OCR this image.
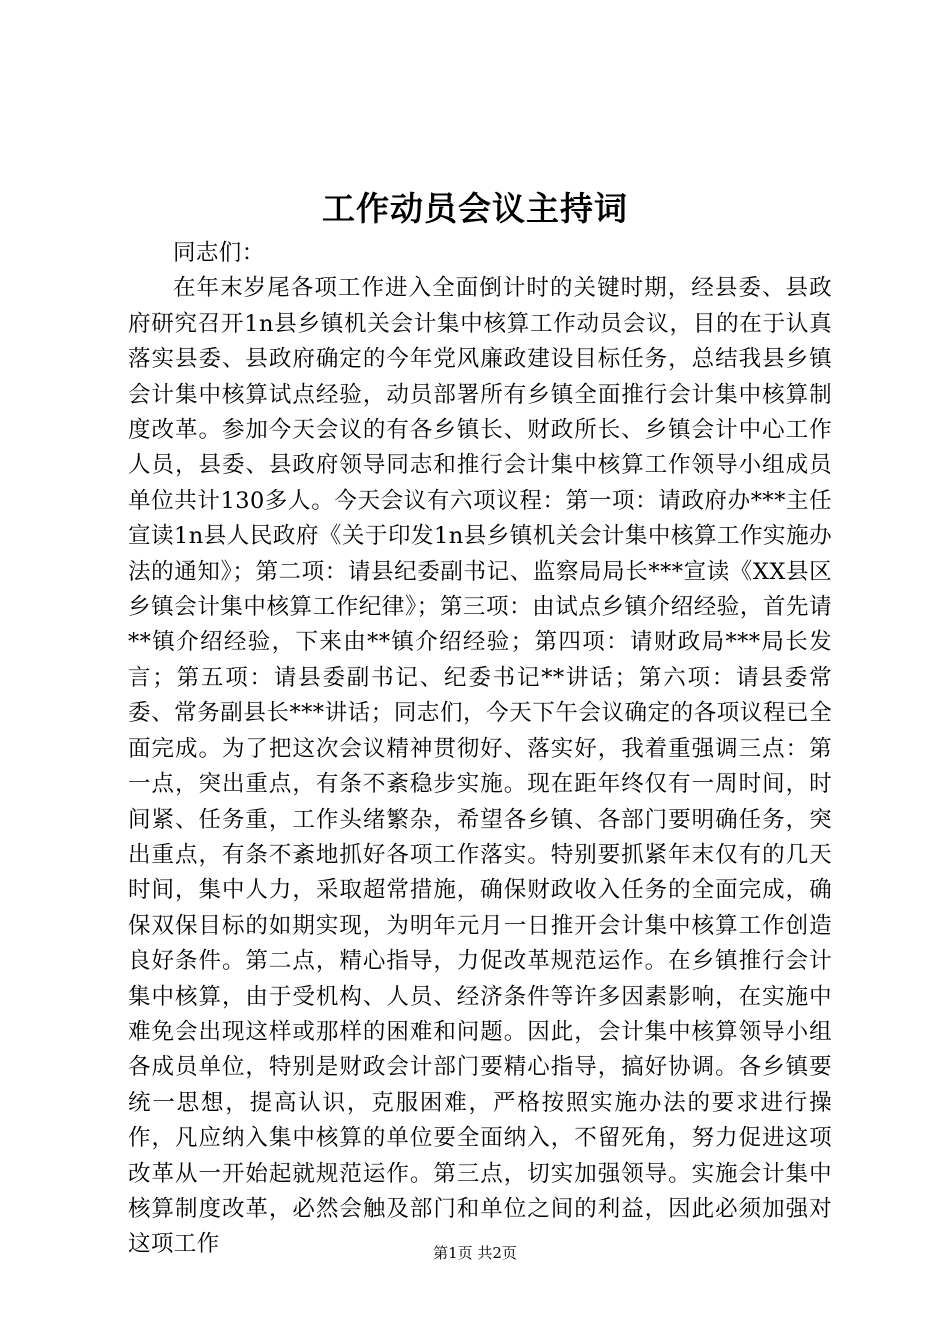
工作动员会议主持词

同志们：

在年末岁尾各项工作进入全面倒计时的关键时期，经县委、县政府研究召开1n县乡镇机关会计集中核算工作动员会议，目的在于认真落实县委、县政府确定的今年党风廉政建设目标任务，总结我县乡镇会计集中核算试点经验，动员部署所有乡镇全面推行会计集中核算制度改革。参加今天会议的有各乡镇长、财政所长、乡镇会计中心工作人员，县委、县政府领导同志和推行会计集中核算工作领导小组成员单位共计130多人。今天会议有六项议程：第一项：请政府办***主任宣读1n县人民政府《关于印发1n县乡镇机关会计集中核算工作实施办法的通知》；第二项：请县纪委副书记、监察局局长***宣读《XX县区乡镇会计集中核算工作纪律》；第三项：由试点乡镇介绍经验，首先请**镇介绍经验，下来由**镇介绍经验；第四项：请财政局***局长发言；第五项：请县委副书记、纪委书记**讲话；第六项：请县委常委、常务副县长***讲话；同志们，今天下午会议确定的各项议程已全面完成。为了把这次会议精神贯彻好、落实好，我着重强调三点：第一点，突出重点，有条不紊稳步实施。现在距年终仅有一周时间，时间紧、任务重，工作头绪繁杂，希望各乡镇、各部门要明确任务，突出重点，有条不紊地抓好各项工作落实。特别要抓紧年末仅有的几天时间，集中人力，采取超常措施，确保财政收入任务的全面完成，确保双保目标的如期实现，为明年元月一日推开会计集中核算工作创造良好条件。第二点，精心指导，力促改革规范运作。在乡镇推行会计集中核算，由于受机构、人员、经济条件等许多因素影响，在实施中难免会出现这样或那样的困难和问题。因此，会计集中核算领导小组各成员单位，特别是财政会计部门要精心指导，搞好协调。各乡镇要统一思想，提高认识，克服困难，严格按照实施办法的要求进行操作，凡应纳入集中核算的单位要全面纳入，不留死角，努力促进这项改革从一开始起就规范运作。第三点，切实加强领导。实施会计集中核算制度改革，必然会触及部门和单位之间的利益，因此必须加强对这项工作	第1页 共2页
